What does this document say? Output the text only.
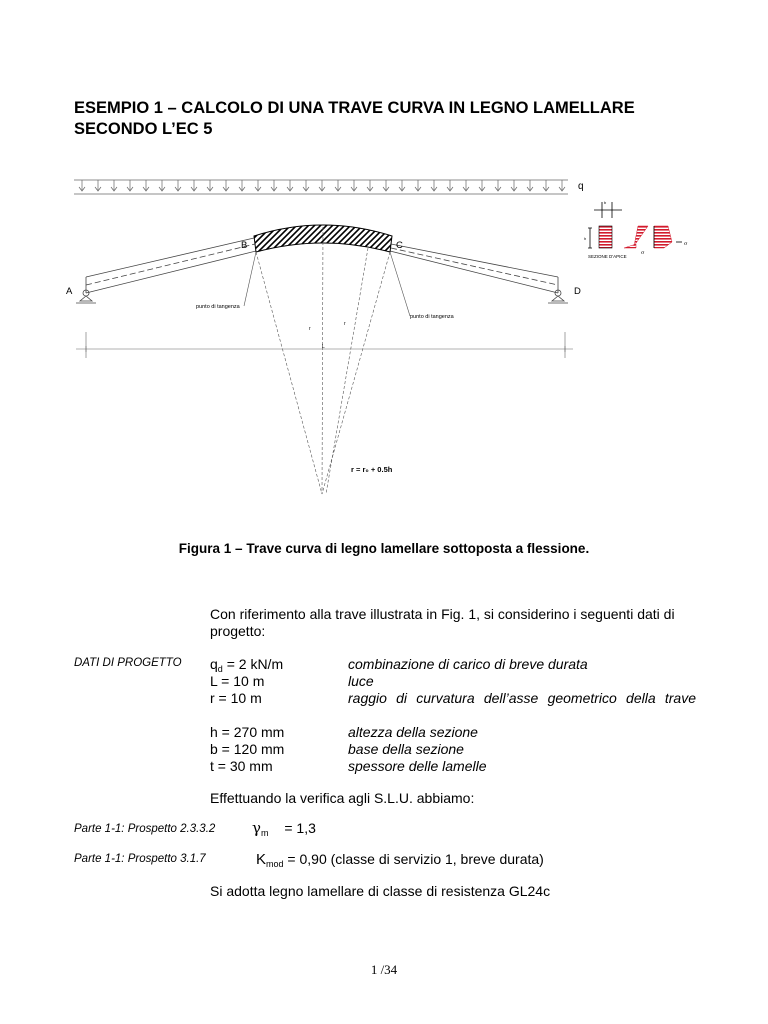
ESEMPIO 1 – CALCOLO DI UNA TRAVE CURVA IN LEGNO LAMELLARE
SECONDO L’EC 5
q
A
B	C
D
punto di tangenza
punto di tangenza
r
r
L
r = r₀ + 0.5h
b
h
SEZIONE D'APICE
σ
σ
Figura 1 – Trave curva di legno lamellare sottoposta a flessione.
Con riferimento alla trave illustrata in Fig. 1, si considerino i seguenti dati di progetto:
DATI DI PROGETTO $q_d = 2$ kN/m	combinazione di carico di breve durata
L = 10 m	luce
r = 10 m	raggio di curvatura dell’asse geometrico della trave
h = 270 mm	altezza della sezione
b = 120 mm	base della sezione
t = 30 mm	spessore delle lamelle
Effettuando la verifica agli S.L.U. abbiamo:
Parte 1-1: Prospetto 2.3.3.2 $\gamma_m = 1,3$
Parte 1-1: Prospetto 3.1.7	$K_{mod} = 0,90$ (classe di servizio 1, breve durata)
Si adotta legno lamellare di classe di resistenza GL24c
1 /34
